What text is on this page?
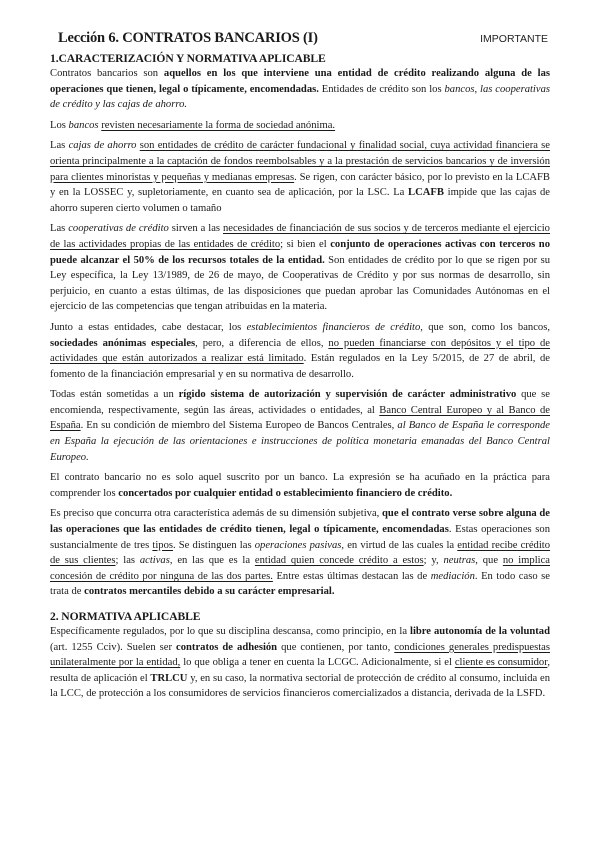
Lección 6. CONTRATOS BANCARIOS (I)	IMPORTANTE
1.CARACTERIZACIÓN Y NORMATIVA APLICABLE

Contratos bancarios son aquellos en los que interviene una entidad de crédito realizando alguna de las operaciones que tienen, legal o típicamente, encomendadas. Entidades de crédito son los bancos, las cooperativas de crédito y las cajas de ahorro.

Los bancos revisten necesariamente la forma de sociedad anónima.

Las cajas de ahorro son entidades de crédito de carácter fundacional y finalidad social, cuya actividad financiera se orienta principalmente a la captación de fondos reembolsables y a la prestación de servicios bancarios y de inversión para clientes minoristas y pequeñas y medianas empresas. Se rigen, con carácter básico, por lo previsto en la LCAFB y en la LOSSEC y, supletoriamente, en cuanto sea de aplicación, por la LSC. La LCAFB impide que las cajas de ahorro superen cierto volumen o tamaño

Las cooperativas de crédito sirven a las necesidades de financiación de sus socios y de terceros mediante el ejercicio de las actividades propias de las entidades de crédito; si bien el conjunto de operaciones activas con terceros no puede alcanzar el 50% de los recursos totales de la entidad. Son entidades de crédito por lo que se rigen por su Ley específica, la Ley 13/1989, de 26 de mayo, de Cooperativas de Crédito y por sus normas de desarrollo, sin perjuicio, en cuanto a estas últimas, de las disposiciones que puedan aprobar las Comunidades Autónomas en el ejercicio de las competencias que tengan atribuidas en la materia.

Junto a estas entidades, cabe destacar, los establecimientos financieros de crédito, que son, como los bancos, sociedades anónimas especiales, pero, a diferencia de ellos, no pueden financiarse con depósitos y el tipo de actividades que están autorizados a realizar está limitado. Están regulados en la Ley 5/2015, de 27 de abril, de fomento de la financiación empresarial y en su normativa de desarrollo.

Todas están sometidas a un rígido sistema de autorización y supervisión de carácter administrativo que se encomienda, respectivamente, según las áreas, actividades o entidades, al Banco Central Europeo y al Banco de España. En su condición de miembro del Sistema Europeo de Bancos Centrales, al Banco de España le corresponde en España la ejecución de las orientaciones e instrucciones de política monetaria emanadas del Banco Central Europeo.

El contrato bancario no es solo aquel suscrito por un banco. La expresión se ha acuñado en la práctica para comprender los concertados por cualquier entidad o establecimiento financiero de crédito.

Es preciso que concurra otra característica además de su dimensión subjetiva, que el contrato verse sobre alguna de las operaciones que las entidades de crédito tienen, legal o típicamente, encomendadas. Estas operaciones son sustancialmente de tres tipos. Se distinguen las operaciones pasivas, en virtud de las cuales la entidad recibe crédito de sus clientes; las activas, en las que es la entidad quien concede crédito a estos; y, neutras, que no implica concesión de crédito por ninguna de las dos partes. Entre estas últimas destacan las de mediación. En todo caso se trata de contratos mercantiles debido a su carácter empresarial.

2. NORMATIVA APLICABLE

Específicamente regulados, por lo que su disciplina descansa, como principio, en la libre autonomía de la voluntad (art. 1255 Cciv). Suelen ser contratos de adhesión que contienen, por tanto, condiciones generales predispuestas unilateralmente por la entidad, lo que obliga a tener en cuenta la LCGC. Adicionalmente, si el cliente es consumidor, resulta de aplicación el TRLCU y, en su caso, la normativa sectorial de protección de crédito al consumo, incluida en la LCC, de protección a los consumidores de servicios financieros comercializados a distancia, derivada de la LSFD.
